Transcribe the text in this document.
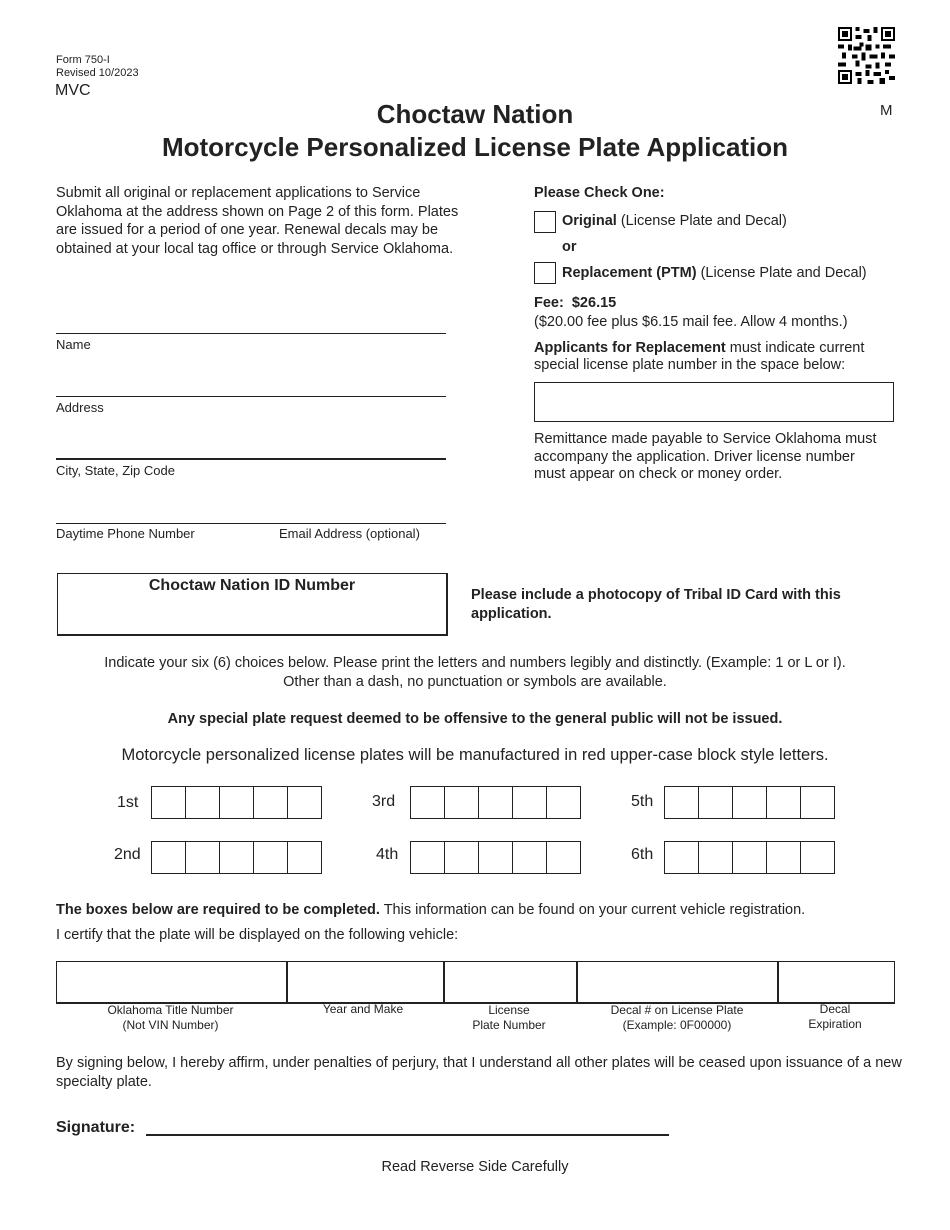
Form 750-I
Revised 10/2023
MVC
M
Choctaw Nation
Motorcycle Personalized License Plate Application
Submit all original or replacement applications to Service Oklahoma at the address shown on Page 2 of this form. Plates are issued for a period of one year. Renewal decals may be obtained at your local tag office or through Service Oklahoma.
Name
Address
City, State, Zip Code
Daytime Phone Number	Email Address (optional)
Please Check One:
Original (License Plate and Decal)
or
Replacement (PTM) (License Plate and Decal)
Fee:  $26.15
($20.00 fee plus $6.15 mail fee. Allow 4 months.)
Applicants for Replacement must indicate current special license plate number in the space below:
Remittance made payable to Service Oklahoma must accompany the application. Driver license number must appear on check or money order.
Choctaw Nation ID Number
Please include a photocopy of Tribal ID Card with this application.
Indicate your six (6) choices below. Please print the letters and numbers legibly and distinctly. (Example: 1 or L or I).
Other than a dash, no punctuation or symbols are available.
Any special plate request deemed to be offensive to the general public will not be issued.
Motorcycle personalized license plates will be manufactured in red upper-case block style letters.
1st
2nd
3rd
4th
5th
6th
The boxes below are required to be completed. This information can be found on your current vehicle registration.
I certify that the plate will be displayed on the following vehicle:
Oklahoma Title Number
(Not VIN Number)
Year and Make	License
Plate Number
Decal # on License Plate
(Example: 0F00000)
Decal
Expiration
By signing below, I hereby affirm, under penalties of perjury, that I understand all other plates will be ceased upon issuance of a new specialty plate.
Signature:
Read Reverse Side Carefully
